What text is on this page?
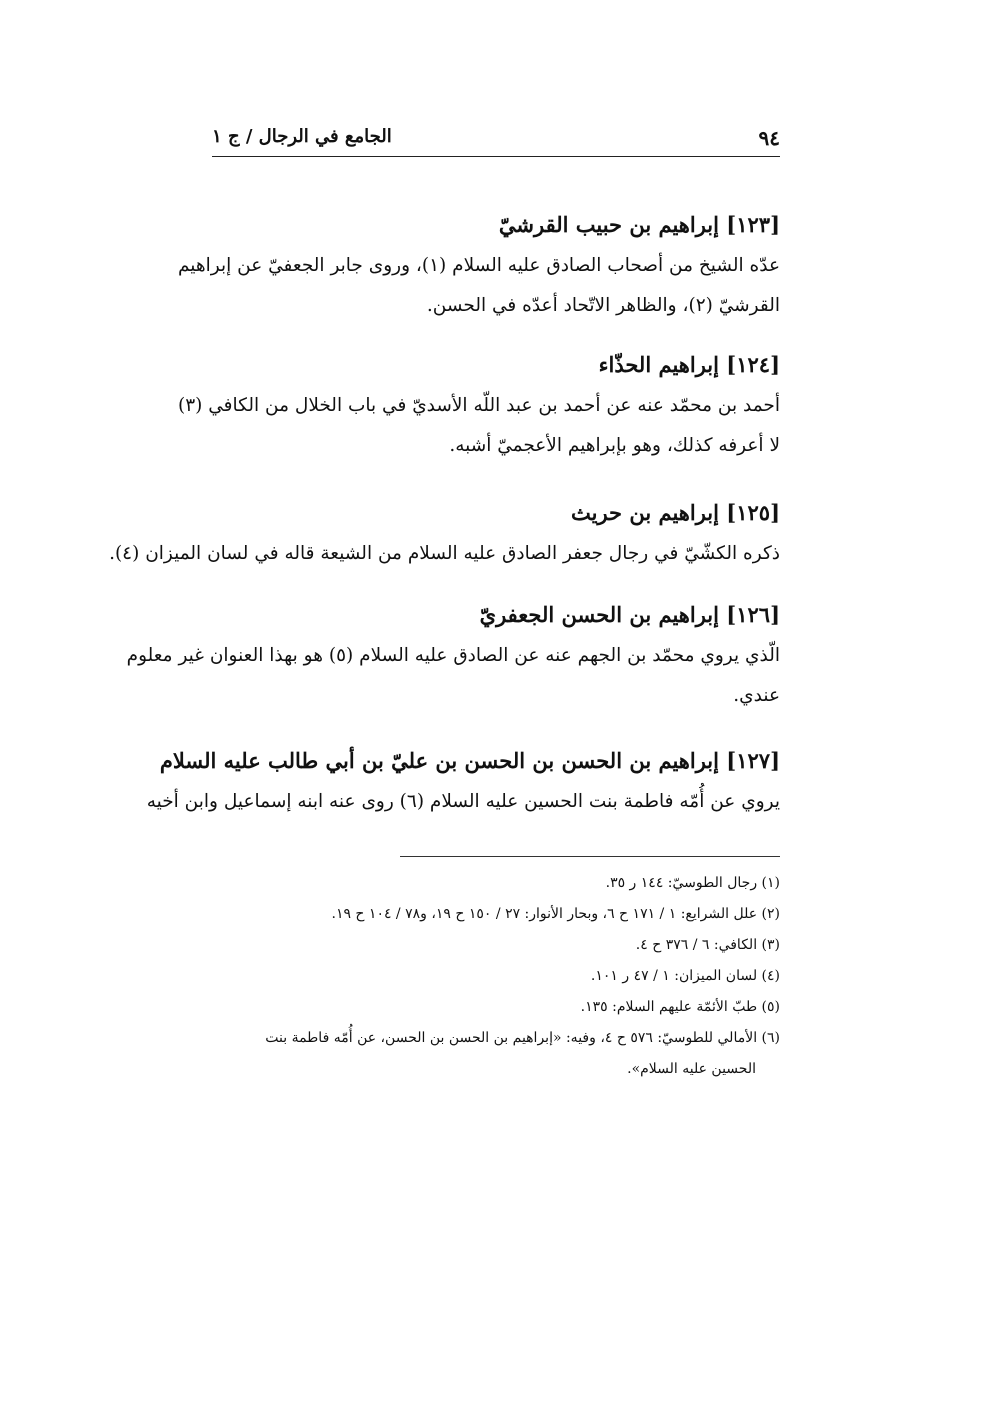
٩٤
الجامع في الرجال / ج ١
[١٢٣] إبراهيم بن حبيب القرشيّ
عدّه الشيخ من أصحاب الصادق عليه السلام (١)، وروى جابر الجعفيّ عن إبراهيم
القرشيّ (٢)، والظاهر الاتّحاد أعدّه في الحسن.
[١٢٤] إبراهيم الحذّاء
أحمد بن محمّد عنه عن أحمد بن عبد اللّه الأسديّ في باب الخلال من الكافي (٣)
لا أعرفه كذلك، وهو بإبراهيم الأعجميّ أشبه.
[١٢٥] إبراهيم بن حريث
ذكره الكشّيّ في رجال جعفر الصادق عليه السلام من الشيعة قاله في لسان الميزان (٤).
[١٢٦] إبراهيم بن الحسن الجعفريّ
الّذي يروي محمّد بن الجهم عنه عن الصادق عليه السلام (٥) هو بهذا العنوان غير معلوم
عندي.
[١٢٧] إبراهيم بن الحسن بن الحسن بن عليّ بن أبي طالب عليه السلام
يروي عن أُمّه فاطمة بنت الحسين عليه السلام (٦) روى عنه ابنه إسماعيل وابن أخيه
(١) رجال الطوسيّ: ١٤٤ ر ٣٥.
(٢) علل الشرايع: ١ / ١٧١ ح ٦، وبحار الأنوار: ٢٧ / ١٥٠ ح ١٩، و٧٨ / ١٠٤ ح ١٩.
(٣) الكافي: ٦ / ٣٧٦ ح ٤.
(٤) لسان الميزان: ١ / ٤٧ ر ١٠١.
(٥) طبّ الأئمّة عليهم السلام: ١٣٥.
(٦) الأمالي للطوسيّ: ٥٧٦ ح ٤، وفيه: «إبراهيم بن الحسن بن الحسن، عن أُمّه فاطمة بنت
الحسين عليه السلام».
